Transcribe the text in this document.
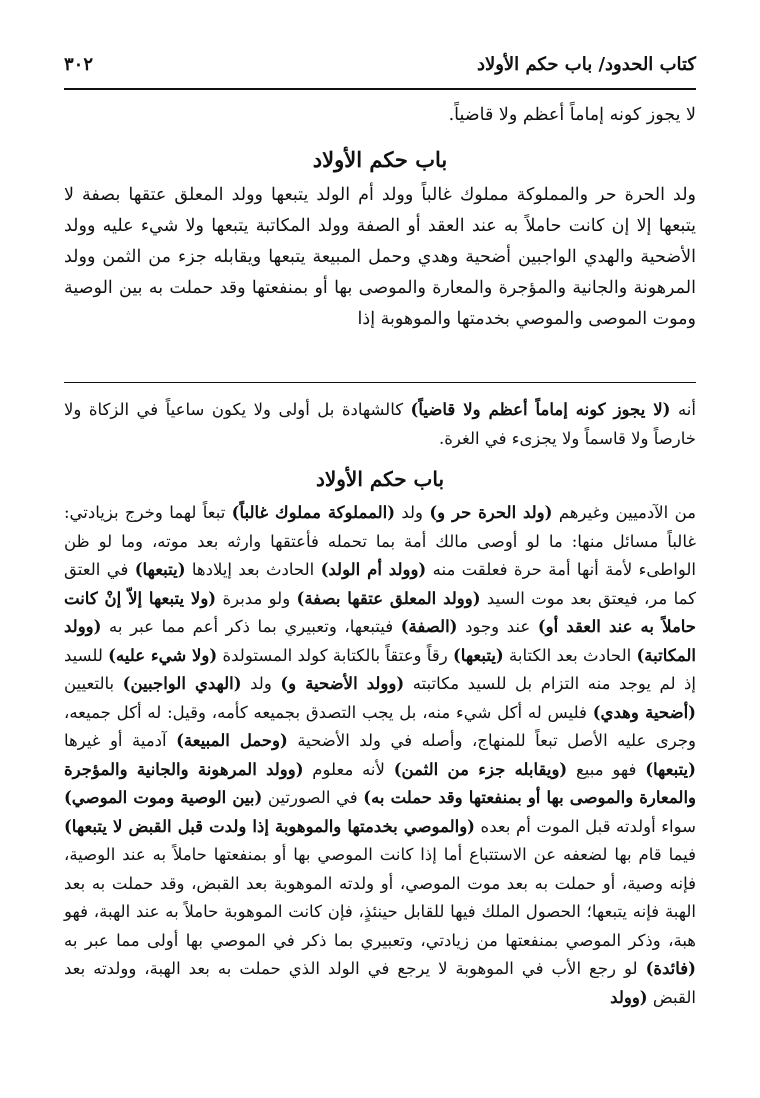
كتاب الحدود/ باب حكم الأولاد
٣٠٢
لا يجوز كونه إماماً أعظم ولا قاضياً.
باب حكم الأولاد
ولد الحرة حر والمملوكة مملوك غالباً وولد أم الولد يتبعها وولد المعلق عتقها بصفة لا يتبعها إلا إن كانت حاملاً به عند العقد أو الصفة وولد المكاتبة يتبعها ولا شيء عليه وولد الأضحية والهدي الواجبين أضحية وهدي وحمل المبيعة يتبعها ويقابله جزء من الثمن وولد المرهونة والجانية والمؤجرة والمعارة والموصى بها أو بمنفعتها وقد حملت به بين الوصية وموت الموصى والموصي بخدمتها والموهوبة إذا
أنه (لا يجوز كونه إماماً أعظم ولا قاضياً) كالشهادة بل أولى ولا يكون ساعياً في الزكاة ولا خارصاً ولا قاسماً ولا يجزىء في الغرة.
باب حكم الأولاد
من الآدميين وغيرهم (ولد الحرة حر و) ولد (المملوكة مملوك غالباً) تبعاً لهما وخرج بزيادتي: غالباً مسائل منها: ما لو أوصى مالك أمة بما تحمله فأعتقها وارثه بعد موته، وما لو ظن الواطىء لأمة أنها أمة حرة فعلقت منه (وولد أم الولد) الحادث بعد إيلادها (يتبعها) في العتق كما مر، فيعتق بعد موت السيد (وولد المعلق عتقها بصفة) ولو مدبرة (ولا يتبعها إلاّ إنْ كانت حاملاً به عند العقد أو) عند وجود (الصفة) فيتبعها، وتعبيري بما ذكر أعم مما عبر به (وولد المكاتبة) الحادث بعد الكتابة (يتبعها) رقاً وعتقاً بالكتابة كولد المستولدة (ولا شيء عليه) للسيد إذ لم يوجد منه التزام بل للسيد مكاتبته (وولد الأضحية و) ولد (الهدي الواجبين) بالتعيين (أضحية وهدي) فليس له أكل شيء منه، بل يجب التصدق بجميعه كأمه، وقيل: له أكل جميعه، وجرى عليه الأصل تبعاً للمنهاج، وأصله في ولد الأضحية (وحمل المبيعة) آدمية أو غيرها (يتبعها) فهو مبيع (ويقابله جزء من الثمن) لأنه معلوم (وولد المرهونة والجانية والمؤجرة والمعارة والموصى بها أو بمنفعتها وقد حملت به) في الصورتين (بين الوصية وموت الموصي) سواء أولدته قبل الموت أم بعده (والموصي بخدمتها والموهوبة إذا ولدت قبل القبض لا يتبعها) فيما قام بها لضعفه عن الاستتباع أما إذا كانت الموصي بها أو بمنفعتها حاملاً به عند الوصية، فإنه وصية، أو حملت به بعد موت الموصي، أو ولدته الموهوبة بعد القبض، وقد حملت به بعد الهبة فإنه يتبعها؛ الحصول الملك فيها للقابل حينئذٍ، فإن كانت الموهوبة حاملاً به عند الهبة، فهو هبة، وذكر الموصي بمنفعتها من زيادتي، وتعبيري بما ذكر في الموصي بها أولى مما عبر به (فائدة) لو رجع الأب في الموهوبة لا يرجع في الولد الذي حملت به بعد الهبة، وولدته بعد القبض (وولد
